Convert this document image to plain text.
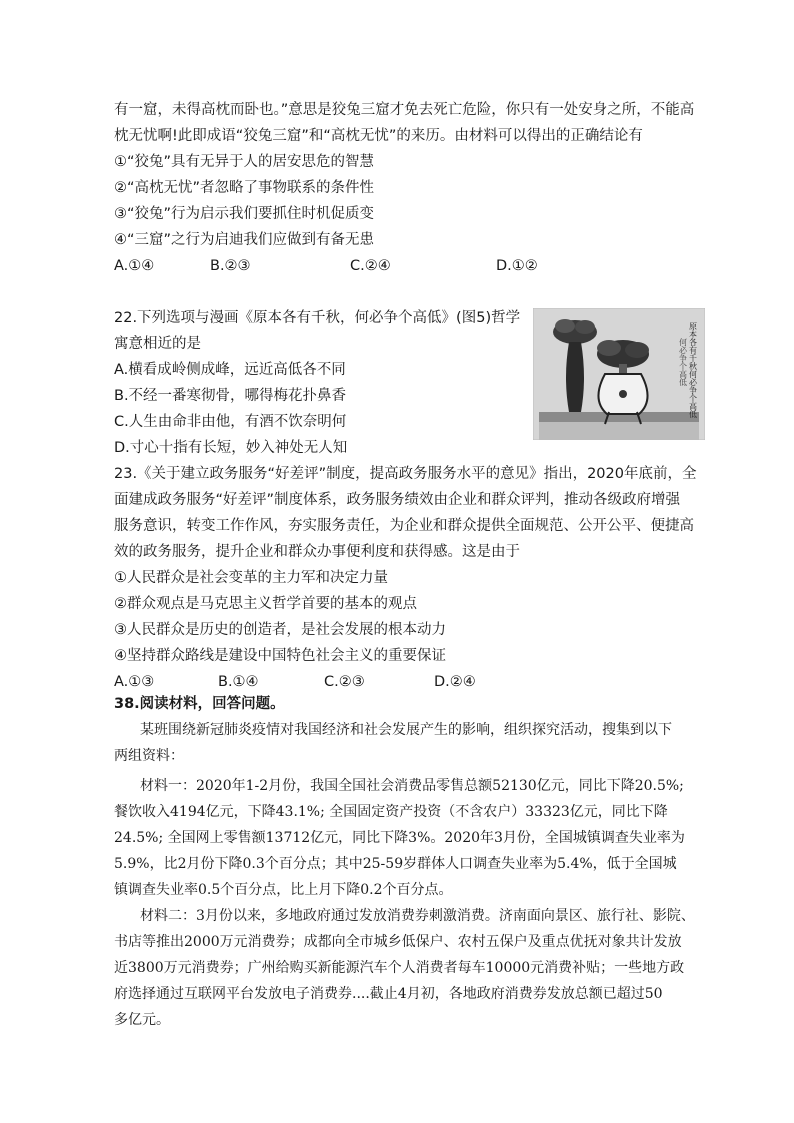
有一窟，未得高枕而卧也。”意思是狡兔三窟才免去死亡危险，你只有一处安身之所，不能高
枕无忧啊!此即成语“狡兔三窟”和“高枕无忧”的来历。由材料可以得出的正确结论有
①“狡兔”具有无异于人的居安思危的智慧
②“高枕无忧”者忽略了事物联系的条件性
③“狡兔”行为启示我们要抓住时机促质变
④“三窟”之行为启迪我们应做到有备无患
A.①④	B.②③	C.②④	D.①②
22.下列选项与漫画《原本各有千秋，何必争个高低》(图5)哲学
寓意相近的是
A.横看成岭侧成峰，远近高低各不同
B.不经一番寒彻骨，哪得梅花扑鼻香
C.人生由命非由他，有酒不饮奈明何
D.寸心十指有长短，妙入神处无人知
原本各有千秋何必争个高低
何必争个高低
23.《关于建立政务服务“好差评”制度，提高政务服务水平的意见》指出，2020年底前，全
面建成政务服务“好差评”制度体系，政务服务绩效由企业和群众评判，推动各级政府增强
服务意识，转变工作作风，夯实服务责任，为企业和群众提供全面规范、公开公平、便捷高
效的政务服务，提升企业和群众办事便利度和获得感。这是由于
①人民群众是社会变革的主力军和决定力量
②群众观点是马克思主义哲学首要的基本的观点
③人民群众是历史的创造者，是社会发展的根本动力
④坚持群众路线是建设中国特色社会主义的重要保证
A.①③	B.①④	C.②③	D.②④
38.阅读材料，回答问题。
某班围绕新冠肺炎疫情对我国经济和社会发展产生的影响，组织探究活动，搜集到以下
两组资料：
材料一：2020年1-2月份，我国全国社会消费品零售总额52130亿元，同比下降20.5%;
餐饮收入4194亿元，下降43.1%; 全国固定资产投资（不含农户）33323亿元，同比下降
24.5%; 全国网上零售额13712亿元，同比下降3%。2020年3月份，全国城镇调查失业率为
5.9%，比2月份下降0.3个百分点；其中25-59岁群体人口调查失业率为5.4%，低于全国城
镇调查失业率0.5个百分点，比上月下降0.2个百分点。
材料二：3月份以来，多地政府通过发放消费券刺激消费。济南面向景区、旅行社、影院、
书店等推出2000万元消费券；成都向全市城乡低保户、农村五保户及重点优抚对象共计发放
近3800万元消费券；广州给购买新能源汽车个人消费者每车10000元消费补贴；一些地方政
府选择通过互联网平台发放电子消费券....截止4月初，各地政府消费券发放总额已超过50
多亿元。
